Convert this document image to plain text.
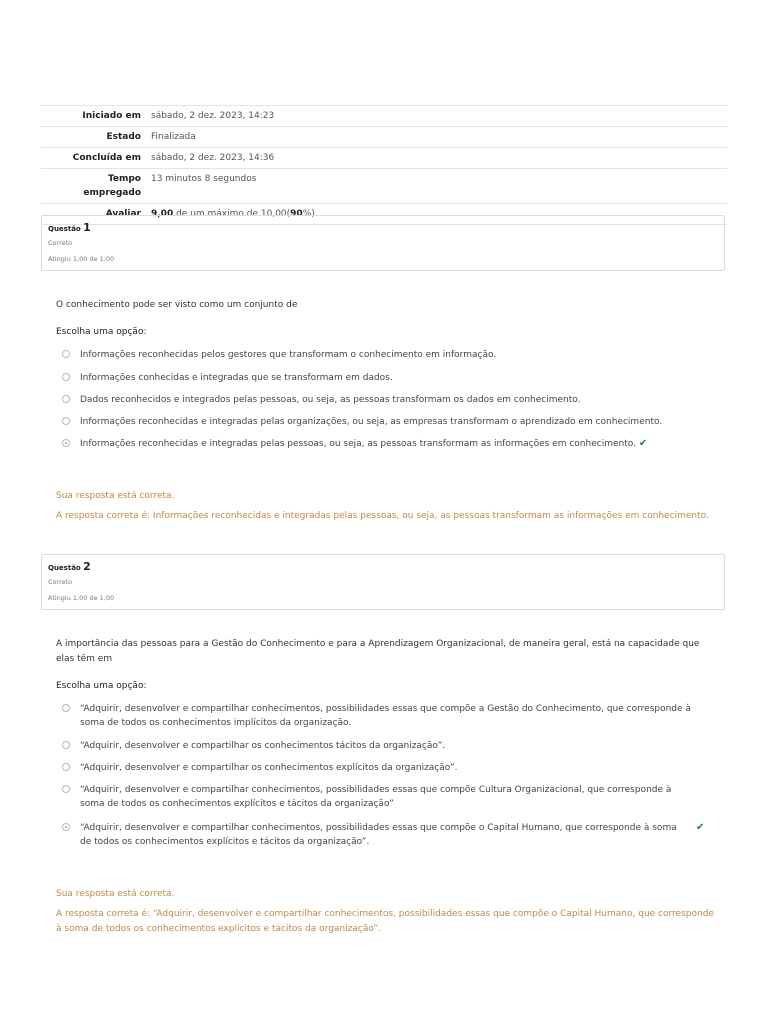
Iniciado em	sábado, 2 dez. 2023, 14:23
Estado	Finalizada
Concluída em	sábado, 2 dez. 2023, 14:36
Tempo
empregado	13 minutos 8 segundos
Avaliar	9,00 de um máximo de 10,00(90%)
Questão 1
Correto
Atingiu 1,00 de 1,00
O conhecimento pode ser visto como um conjunto de
Escolha uma opção:
Informações reconhecidas pelos gestores que transformam o conhecimento em informação.
Informações conhecidas e integradas que se transformam em dados.
Dados reconhecidos e integrados pelas pessoas, ou seja, as pessoas transformam os dados em conhecimento.
Informações reconhecidas e integradas pelas organizações, ou seja, as empresas transformam o aprendizado em conhecimento.
Informações reconhecidas e integradas pelas pessoas, ou seja, as pessoas transformam as informações em conhecimento. ✔
Sua resposta está correta.
A resposta correta é: Informações reconhecidas e integradas pelas pessoas, ou seja, as pessoas transformam as informações em conhecimento.
Questão 2
Correto
Atingiu 1,00 de 1,00
A importância das pessoas para a Gestão do Conhecimento e para a Aprendizagem Organizacional, de maneira geral, está na capacidade que elas têm em
Escolha uma opção:
“Adquirir, desenvolver e compartilhar conhecimentos, possibilidades essas que compõe a Gestão do Conhecimento, que corresponde à soma de todos os conhecimentos implícitos da organização.
“Adquirir, desenvolver e compartilhar os conhecimentos tácitos da organização”.
“Adquirir, desenvolver e compartilhar os conhecimentos explícitos da organização”.
“Adquirir, desenvolver e compartilhar conhecimentos, possibilidades essas que compõe Cultura Organizacional, que corresponde à soma de todos os conhecimentos explícitos e tácitos da organização”
“Adquirir, desenvolver e compartilhar conhecimentos, possibilidades essas que compõe o Capital Humano, que corresponde à soma de todos os conhecimentos explícitos e tácitos da organização”.
✔
Sua resposta está correta.
A resposta correta é: “Adquirir, desenvolver e compartilhar conhecimentos, possibilidades essas que compõe o Capital Humano, que corresponde à soma de todos os conhecimentos explícitos e tácitos da organização”.
